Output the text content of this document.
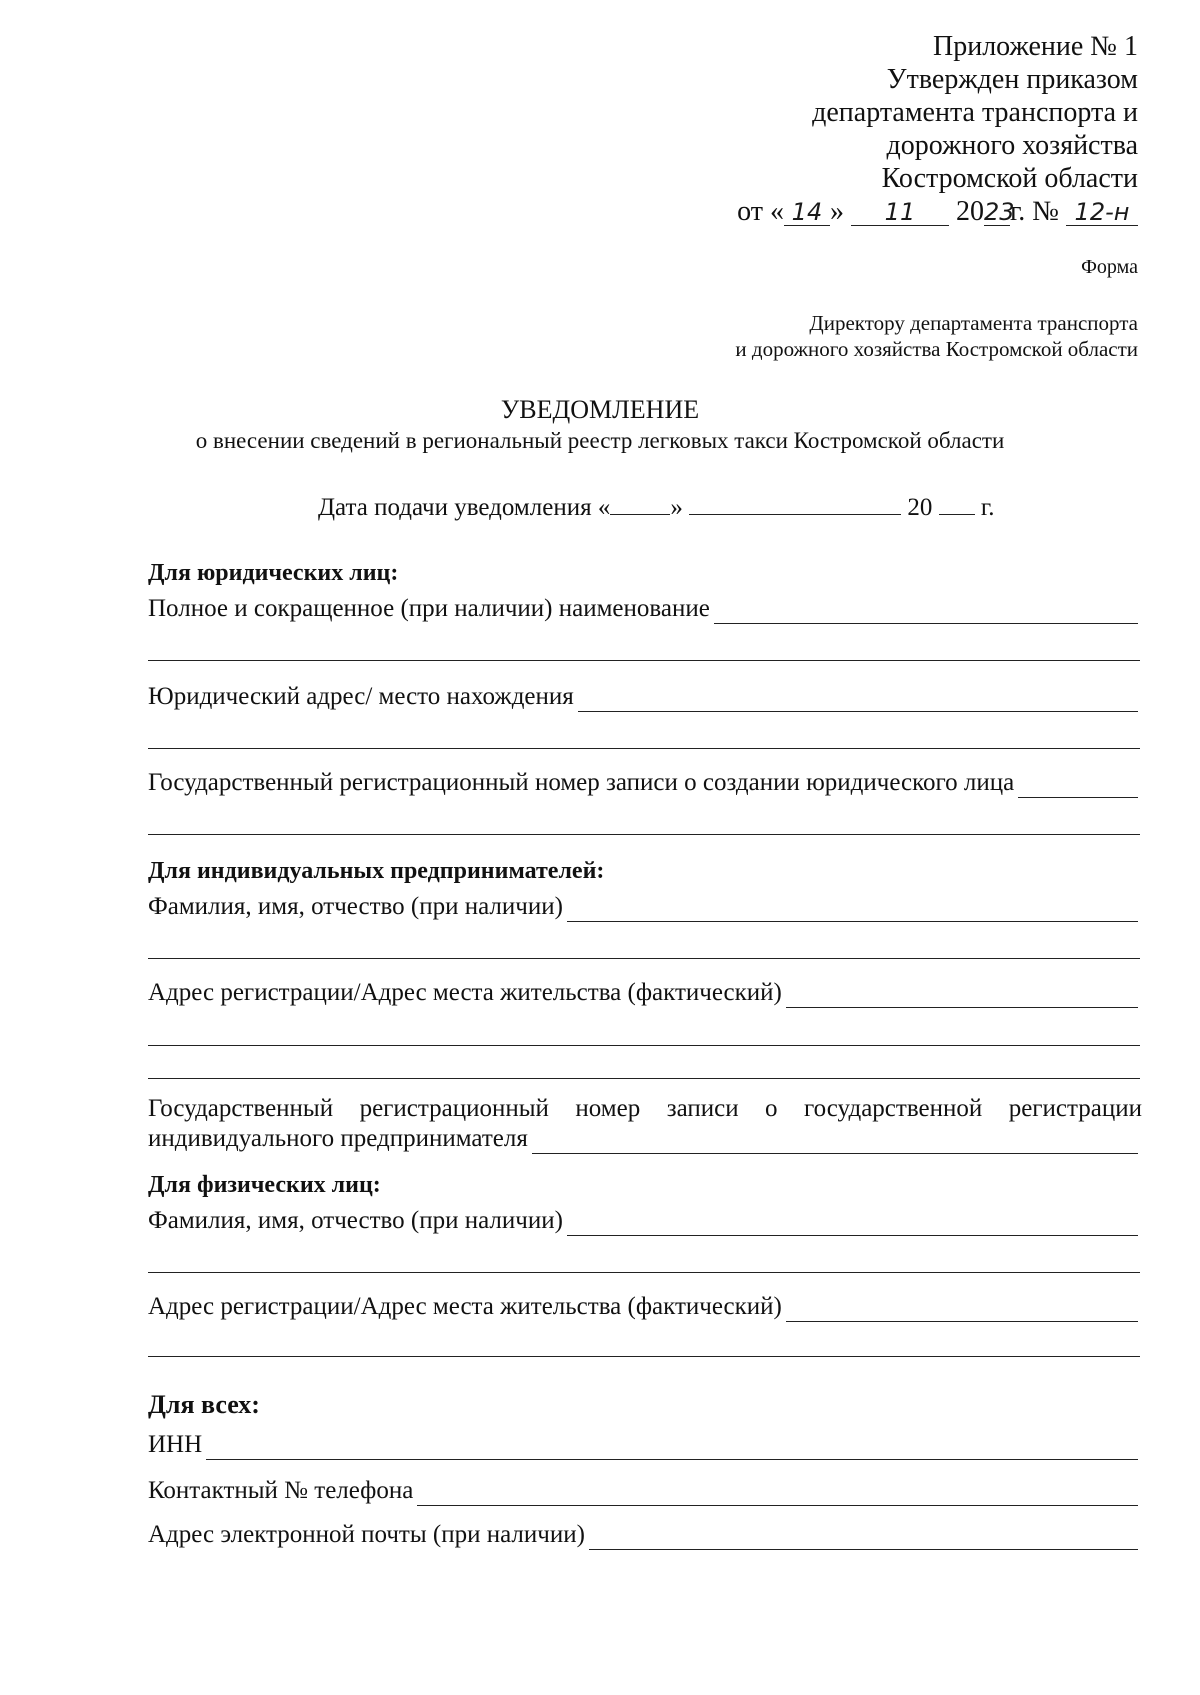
Приложение № 1
Утвержден приказом
департамента транспорта и
дорожного хозяйства
Костромской области
от « 14 » 11 2023г. № 12-н
Форма
Директору департамента транспорта
и дорожного хозяйства Костромской области
УВЕДОМЛЕНИЕ
о внесении сведений в региональный реестр легковых такси Костромской области
Дата подачи уведомления « »	20 г.
Для юридических лиц:
Полное и сокращенное (при наличии) наименование
Юридический адрес/ место нахождения
Государственный регистрационный номер записи о создании юридического лица
Для индивидуальных предпринимателей:
Фамилия, имя, отчество (при наличии)
Адрес регистрации/Адрес места жительства (фактический)
Государственный регистрационный номер записи о государственной регистрации
индивидуального предпринимателя
Для физических лиц:
Фамилия, имя, отчество (при наличии)
Адрес регистрации/Адрес места жительства (фактический)
Для всех:
ИНН
Контактный № телефона
Адрес электронной почты (при наличии)
